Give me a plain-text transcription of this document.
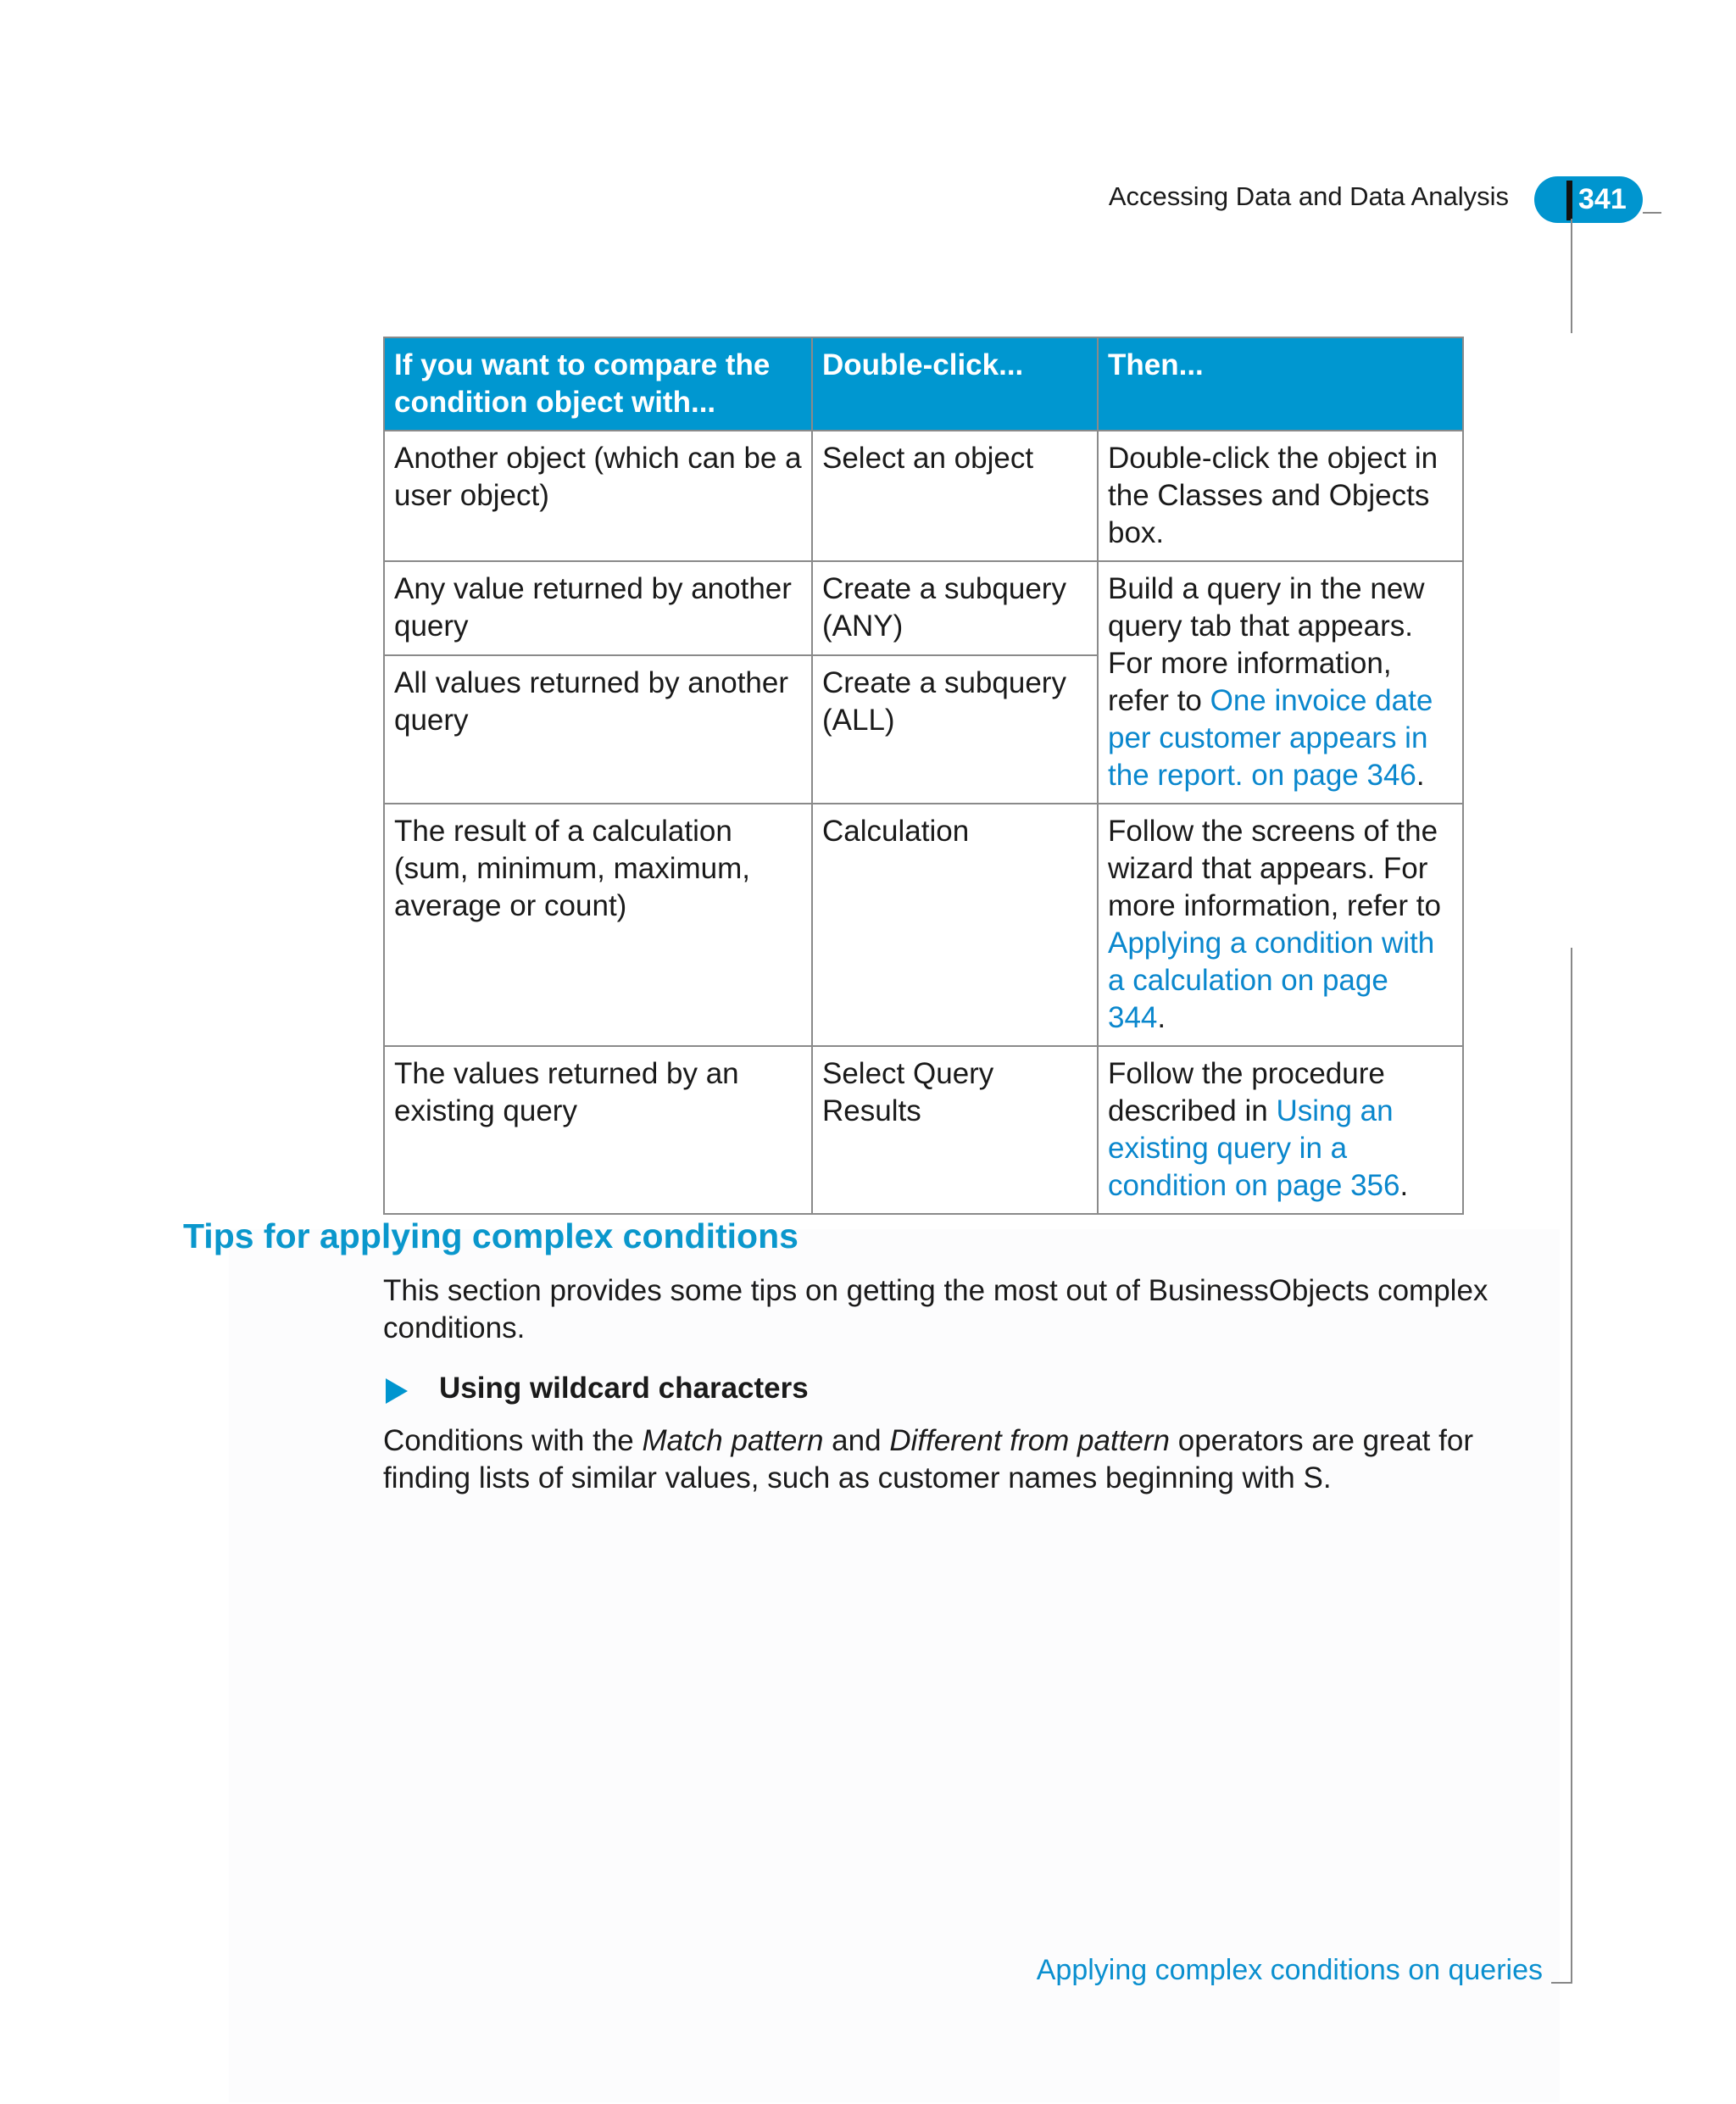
Accessing Data and Data Analysis 341
If you want to compare the condition object with...	Double-click...	Then...
Another object (which can be a user object)	Select an object	Double-click the object in the Classes and Objects box.
Any value returned by another query	Create a subquery (ANY)	Build a query in the new query tab that appears. For more information, refer to One invoice date per customer appears in the report. on page 346.
All values returned by another query	Create a subquery (ALL)	
The result of a calculation (sum, minimum, maximum, average or count)	Calculation	Follow the screens of the wizard that appears. For more information, refer to Applying a condition with a calculation on page 344.
The values returned by an existing query	Select Query Results	Follow the procedure described in Using an existing query in a condition on page 356.
Tips for applying complex conditions
This section provides some tips on getting the most out of BusinessObjects complex conditions.
Using wildcard characters
Conditions with the Match pattern and Different from pattern operators are great for finding lists of similar values, such as customer names beginning with S.
Applying complex conditions on queries
